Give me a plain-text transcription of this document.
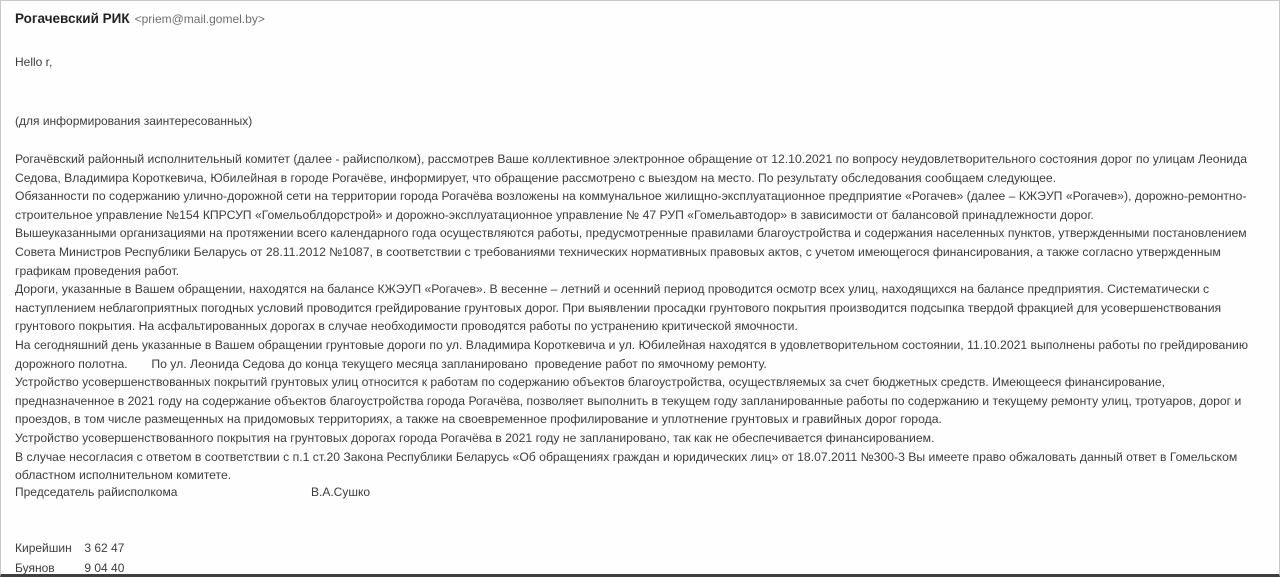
Рогачевский РИК <priem@mail.gomel.by>
Hello r,
(для информирования заинтересованных)

Рогачёвский районный исполнительный комитет (далее - райисполком), рассмотрев Ваше коллективное электронное обращение от 12.10.2021 по вопросу неудовлетворительного состояния дорог по улицам Леонида Седова, Владимира Короткевича, Юбилейная в городе Рогачёве, информирует, что обращение рассмотрено с выездом на место. По результату обследования сообщаем следующее.

Обязанности по содержанию улично-дорожной сети на территории города Рогачёва возложены на коммунальное жилищно-эксплуатационное предприятие «Рогачев» (далее – КЖЭУП «Рогачев»), дорожно-ремонтно-строительное управление №154 КПРСУП «Гомельоблдорстрой» и дорожно-эксплуатационное управление № 47 РУП «Гомельавтодор» в зависимости от балансовой принадлежности дорог.

Вышеуказанными организациями на протяжении всего календарного года осуществляются работы, предусмотренные правилами благоустройства и содержания населенных пунктов, утвержденными постановлением Совета Министров Республики Беларусь от 28.11.2012 №1087, в соответствии с требованиями технических нормативных правовых актов, с учетом имеющегося финансирования, а также согласно утвержденным графикам проведения работ.

Дороги, указанные в Вашем обращении, находятся на балансе КЖЭУП «Рогачев». В весенне – летний и осенний период проводится осмотр всех улиц, находящихся на балансе предприятия. Систематически с наступлением неблагоприятных погодных условий проводится грейдирование грунтовых дорог. При выявлении просадки грунтового покрытия производится подсыпка твердой фракцией для усовершенствования грунтового покрытия. На асфальтированных дорогах в случае необходимости проводятся работы по устранению критической ямочности.

На сегодняшний день указанные в Вашем обращении грунтовые дороги по ул. Владимира Короткевича и ул. Юбилейная находятся в удовлетворительном состоянии, 11.10.2021 выполнены работы по грейдированию дорожного полотна.       По ул. Леонида Седова до конца текущего месяца запланировано  проведение работ по ямочному ремонту.

Устройство усовершенствованных покрытий грунтовых улиц относится к работам по содержанию объектов благоустройства, осуществляемых за счет бюджетных средств. Имеющееся финансирование, предназначенное в 2021 году на содержание объектов благоустройства города Рогачёва, позволяет выполнить в текущем году запланированные работы по содержанию и текущему ремонту улиц, тротуаров, дорог и проездов, в том числе размещенных на придомовых территориях, а также на своевременное профилирование и уплотнение грунтовых и гравийных дорог города.

Устройство усовершенствованного покрытия на грунтовых дорогах города Рогачёва в 2021 году не запланировано, так как не обеспечивается финансированием.

В случае несогласия с ответом в соответствии с п.1 ст.20 Закона Республики Беларусь «Об обращениях граждан и юридических лиц» от 18.07.2011 №300-3 Вы имеете право обжаловать данный ответ в Гомельском областном исполнительном комитете.

Председатель райисполкома	В.А.Сушко
Кирейшин 3 62 47
Буянов 9 04 40
